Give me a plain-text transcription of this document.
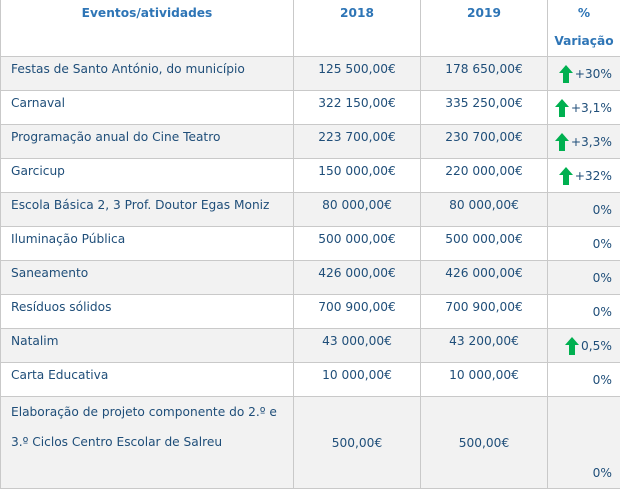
Eventos/atividades	2018	2019	%
Variação

Festas de Santo António, do município	125 500,00€	178 650,00€	+30%

Carnaval	322 150,00€	335 250,00€	+3,1%

Programação anual do Cine Teatro	223 700,00€	230 700,00€	+3,3%

Garcicup	150 000,00€	220 000,00€	+32%

Escola Básica 2, 3 Prof. Doutor Egas Moniz	80 000,00€	80 000,00€	0%

Iluminação Pública	500 000,00€	500 000,00€	0%

Saneamento	426 000,00€	426 000,00€	0%

Resíduos sólidos	700 900,00€	700 900,00€	0%

Natalim	43 000,00€	43 200,00€	0,5%

Carta Educativa	10 000,00€	10 000,00€	0%

Elaboração de projeto componente do 2.º e
3.º Ciclos Centro Escolar de Salreu	500,00€	500,00€	0%
